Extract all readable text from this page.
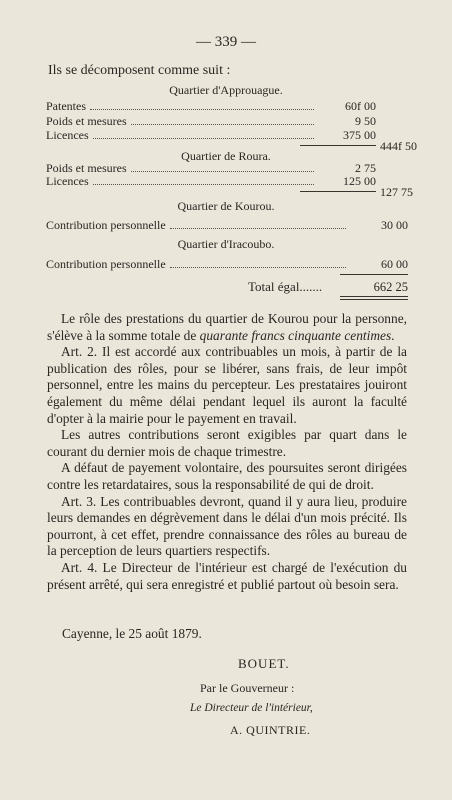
— 339 —
Ils se décomposent comme suit :
Quartier d'Approuague.
Patentes	60f 00
Poids et mesures	9 50
Licences	375 00
444f 50
Quartier de Roura.
Poids et mesures	2 75
Licences	125 00
127 75
Quartier de Kourou.
Contribution personnelle	30 00
Quartier d'Iracoubo.
Contribution personnelle	60 00
Total égal.......	662 25

Le rôle des prestations du quartier de Kourou pour la personne, s'élève à la somme totale de quarante francs cinquante centimes.

Art. 2. Il est accordé aux contribuables un mois, à partir de la publication des rôles, pour se libérer, sans frais, de leur impôt personnel, entre les mains du percepteur. Les prestataires jouiront également du même délai pendant lequel ils auront la faculté d'opter à la mairie pour le payement en travail.

Les autres contributions seront exigibles par quart dans le courant du dernier mois de chaque trimestre.

A défaut de payement volontaire, des poursuites seront dirigées contre les retardataires, sous la responsabilité de qui de droit.

Art. 3. Les contribuables devront, quand il y aura lieu, produire leurs demandes en dégrèvement dans le délai d'un mois précité. Ils pourront, à cet effet, prendre connaissance des rôles au bureau de la perception de leurs quartiers respectifs.

Art. 4. Le Directeur de l'intérieur est chargé de l'exécution du présent arrêté, qui sera enregistré et publié partout où besoin sera.

Cayenne, le 25 août 1879.
BOUET.
Par le Gouverneur :
Le Directeur de l'intérieur,
A. QUINTRIE.
